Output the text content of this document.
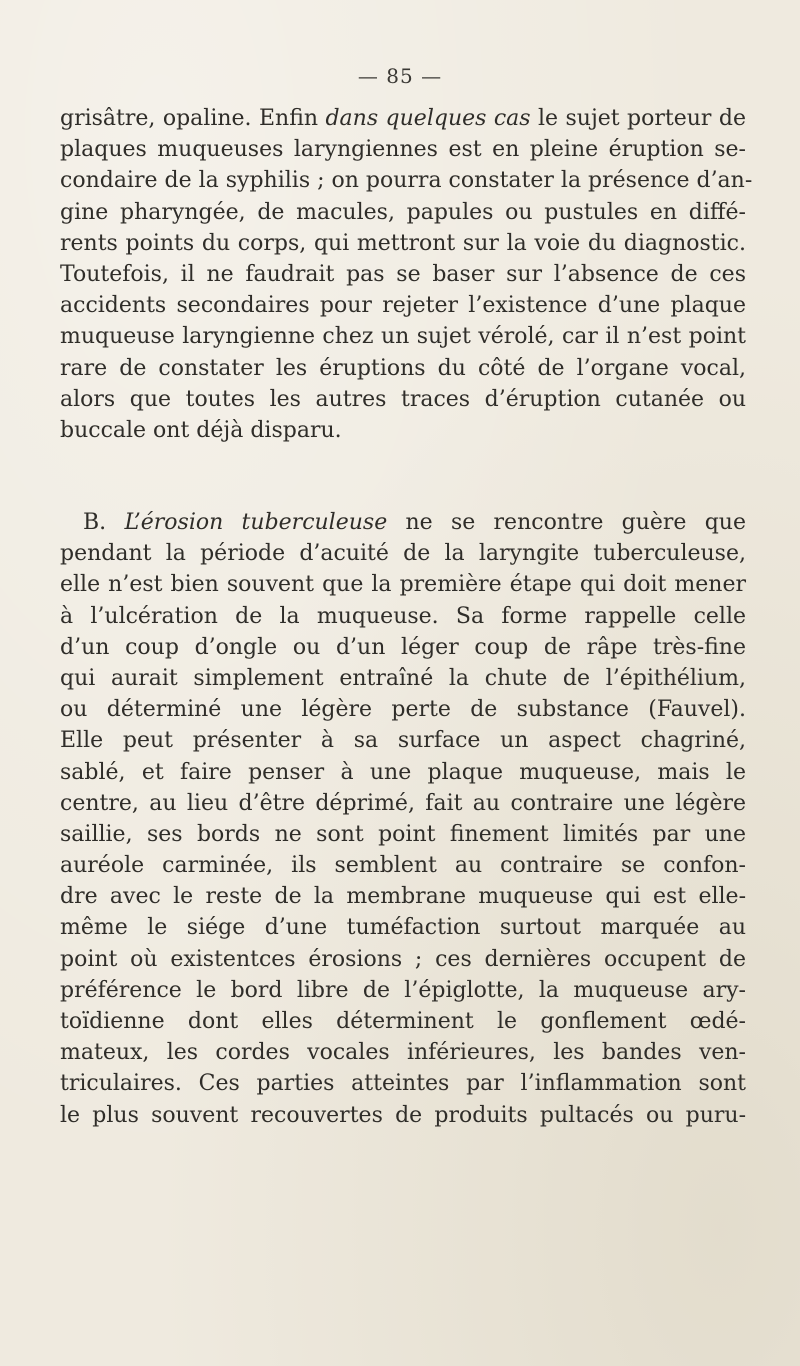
— 85 —
grisâtre, opaline. Enfin dans quelques cas le sujet porteur de
plaques muqueuses laryngiennes est en pleine éruption se-
condaire de la syphilis ; on pourra constater la présence d’an-
gine pharyngée, de macules, papules ou pustules en diffé-
rents points du corps, qui mettront sur la voie du diagnostic.
Toutefois, il ne faudrait pas se baser sur l’absence de ces
accidents secondaires pour rejeter l’existence d’une plaque
muqueuse laryngienne chez un sujet vérolé, car il n’est point
rare de constater les éruptions du côté de l’organe vocal,
alors que toutes les autres traces d’éruption cutanée ou
buccale ont déjà disparu.
B. L’érosion tuberculeuse ne se rencontre guère que
pendant la période d’acuité de la laryngite tuberculeuse,
elle n’est bien souvent que la première étape qui doit mener
à l’ulcération de la muqueuse. Sa forme rappelle celle
d’un coup d’ongle ou d’un léger coup de râpe très-fine
qui aurait simplement entraîné la chute de l’épithélium,
ou déterminé une légère perte de substance (Fauvel).
Elle peut présenter à sa surface un aspect chagriné,
sablé, et faire penser à une plaque muqueuse, mais le
centre, au lieu d’être déprimé, fait au contraire une légère
saillie, ses bords ne sont point finement limités par une
auréole carminée, ils semblent au contraire se confon-
dre avec le reste de la membrane muqueuse qui est elle-
même le siége d’une tuméfaction surtout marquée au
point où existentces érosions ; ces dernières occupent de
préférence le bord libre de l’épiglotte, la muqueuse ary-
toïdienne dont elles déterminent le gonflement œdé-
mateux, les cordes vocales inférieures, les bandes ven-
triculaires. Ces parties atteintes par l’inflammation sont
le plus souvent recouvertes de produits pultacés ou puru-
